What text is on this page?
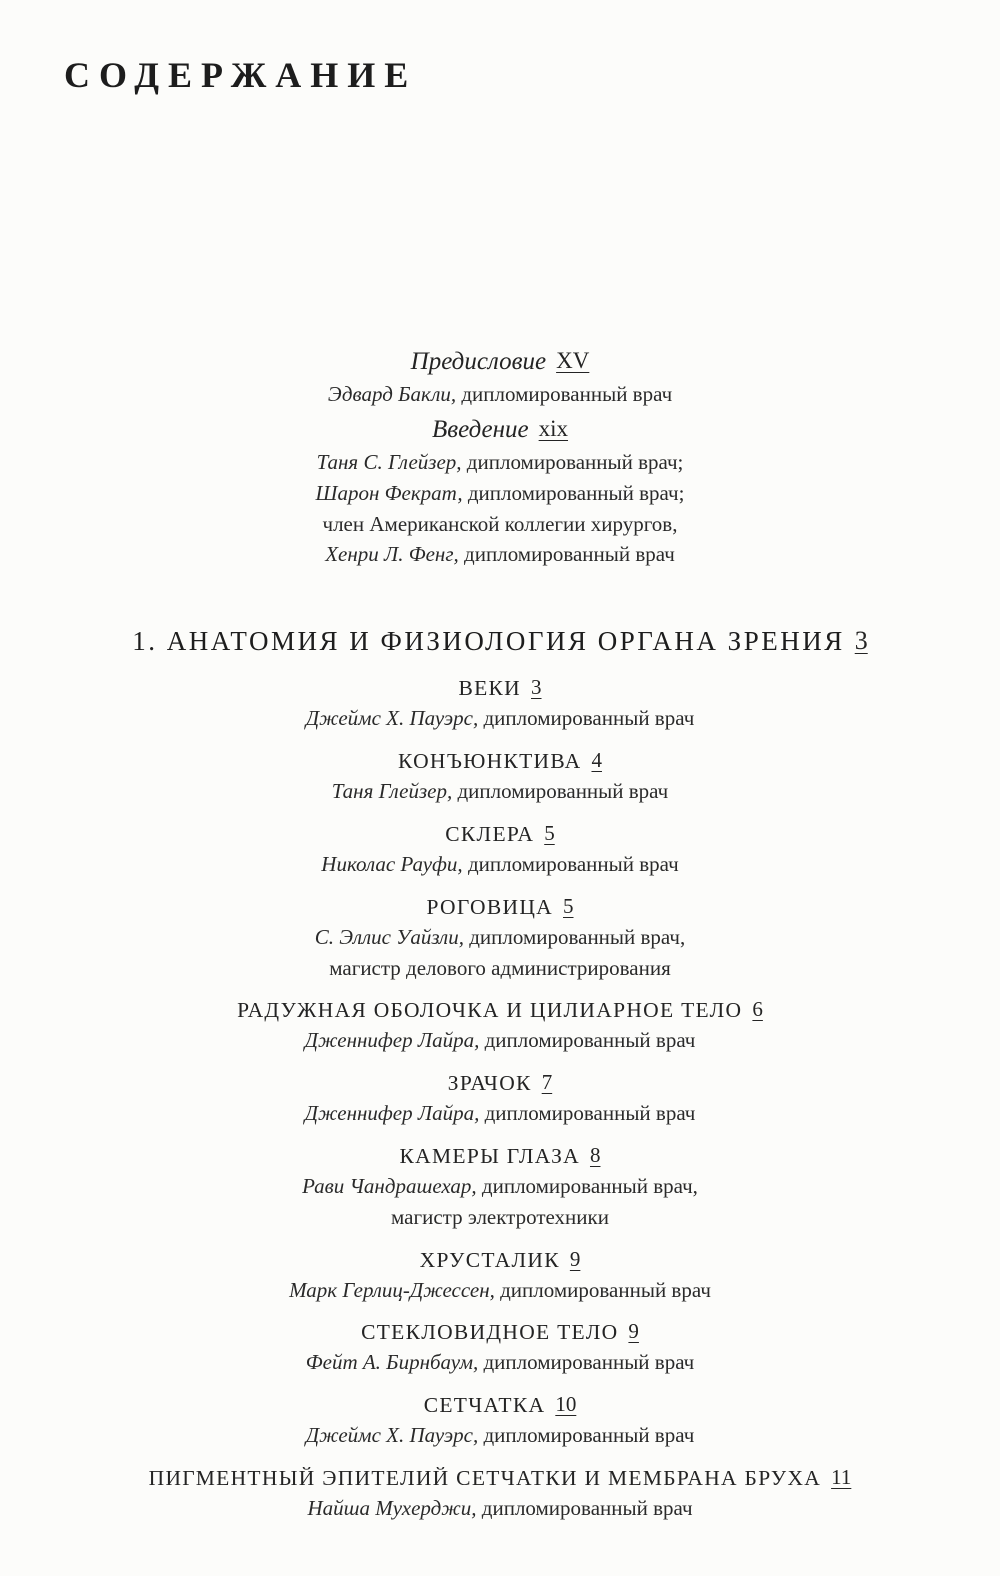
СОДЕРЖАНИЕ
Предисловие XV
Эдвард Бакли, дипломированный врач
Введение xix
Таня С. Глейзер, дипломированный врач;
Шарон Фекрат, дипломированный врач;
член Американской коллегии хирургов,
Хенри Л. Фенг, дипломированный врач
1. АНАТОМИЯ И ФИЗИОЛОГИЯ ОРГАНА ЗРЕНИЯ 3
ВЕКИ 3
Джеймс Х. Пауэрс, дипломированный врач
КОНЪЮНКТИВА 4
Таня Глейзер, дипломированный врач
СКЛЕРА 5
Николас Рауфи, дипломированный врач
РОГОВИЦА 5
С. Эллис Уайзли, дипломированный врач,
магистр делового администрирования
РАДУЖНАЯ ОБОЛОЧКА И ЦИЛИАРНОЕ ТЕЛО 6
Дженнифер Лайра, дипломированный врач
ЗРАЧОК 7
Дженнифер Лайра, дипломированный врач
КАМЕРЫ ГЛАЗА 8
Рави Чандрашехар, дипломированный врач,
магистр электротехники
ХРУСТАЛИК 9
Марк Герлиц-Джессен, дипломированный врач
СТЕКЛОВИДНОЕ ТЕЛО 9
Фейт А. Бирнбаум, дипломированный врач
СЕТЧАТКА 10
Джеймс Х. Пауэрс, дипломированный врач
ПИГМЕНТНЫЙ ЭПИТЕЛИЙ СЕТЧАТКИ И МЕМБРАНА БРУХА 11
Найша Мухерджи, дипломированный врач
